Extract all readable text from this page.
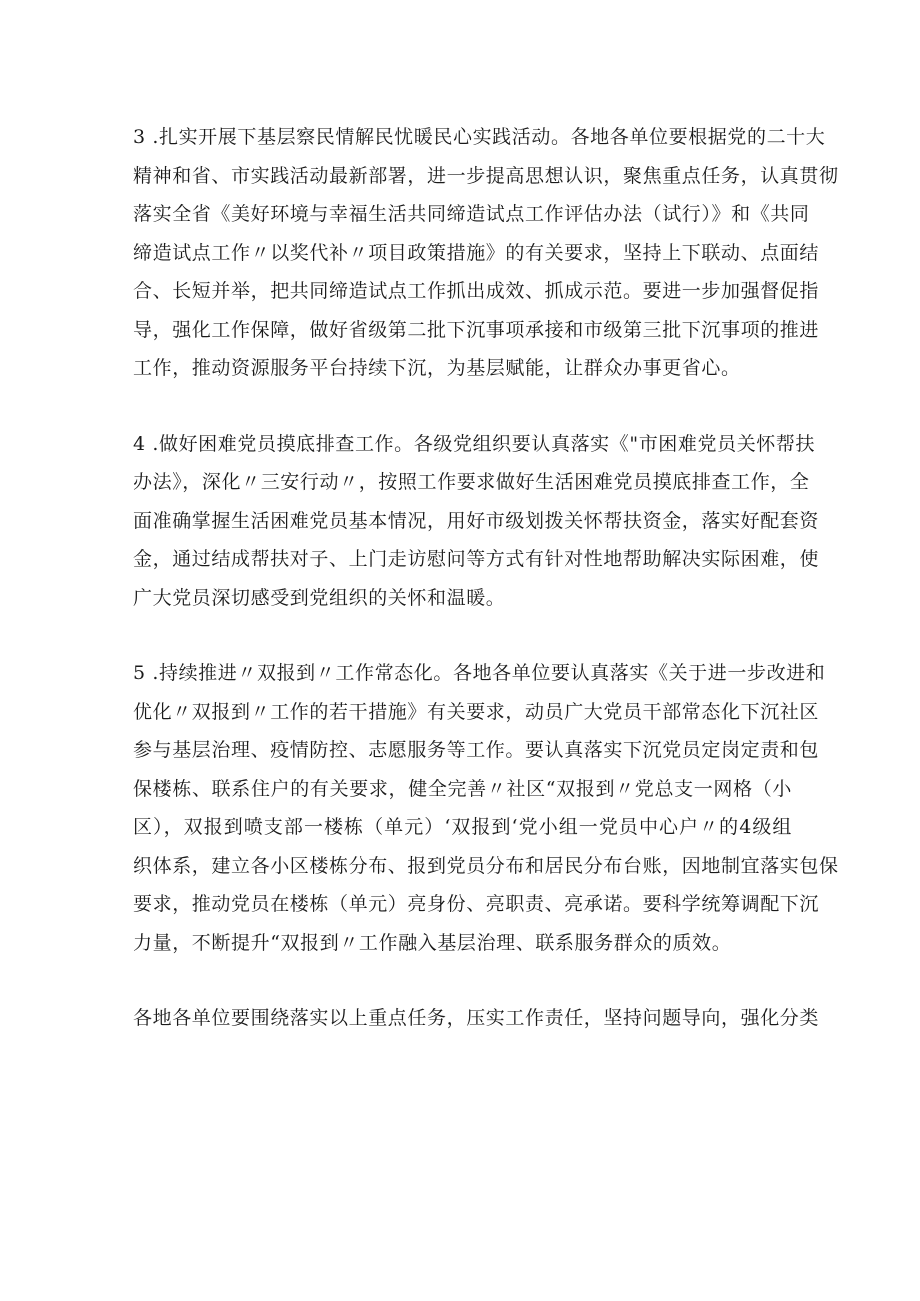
3 .扎实开展下基层察民情解民忧暖民心实践活动。各地各单位要根据党的二十大
精神和省、市实践活动最新部署，进一步提高思想认识，聚焦重点任务，认真贯彻
落实全省《美好环境与幸福生活共同缔造试点工作评估办法（试行）》和《共同
缔造试点工作〃以奖代补〃项目政策措施》的有关要求，坚持上下联动、点面结
合、长短并举，把共同缔造试点工作抓出成效、抓成示范。要进一步加强督促指
导，强化工作保障，做好省级第二批下沉事项承接和市级第三批下沉事项的推进
工作，推动资源服务平台持续下沉，为基层赋能，让群众办事更省心。
4 .做好困难党员摸底排查工作。各级党组织要认真落实《"市困难党员关怀帮扶
办法》，深化〃三安行动〃，按照工作要求做好生活困难党员摸底排查工作，全
面准确掌握生活困难党员基本情况，用好市级划拨关怀帮扶资金，落实好配套资
金，通过结成帮扶对子、上门走访慰问等方式有针对性地帮助解决实际困难，使
广大党员深切感受到党组织的关怀和温暖。
5 .持续推进〃双报到〃工作常态化。各地各单位要认真落实《关于进一步改进和
优化〃双报到〃工作的若干措施》有关要求，动员广大党员干部常态化下沉社区
参与基层治理、疫情防控、志愿服务等工作。要认真落实下沉党员定岗定责和包
保楼栋、联系住户的有关要求，健全完善〃社区“双报到〃党总支一网格（小
区），双报到喷支部一楼栋（单元）‘双报到‘党小组一党员中心户〃的4级组
织体系，建立各小区楼栋分布、报到党员分布和居民分布台账，因地制宜落实包保
要求，推动党员在楼栋（单元）亮身份、亮职责、亮承诺。要科学统筹调配下沉
力量，不断提升“双报到〃工作融入基层治理、联系服务群众的质效。
各地各单位要围绕落实以上重点任务，压实工作责任，坚持问题导向，强化分类
